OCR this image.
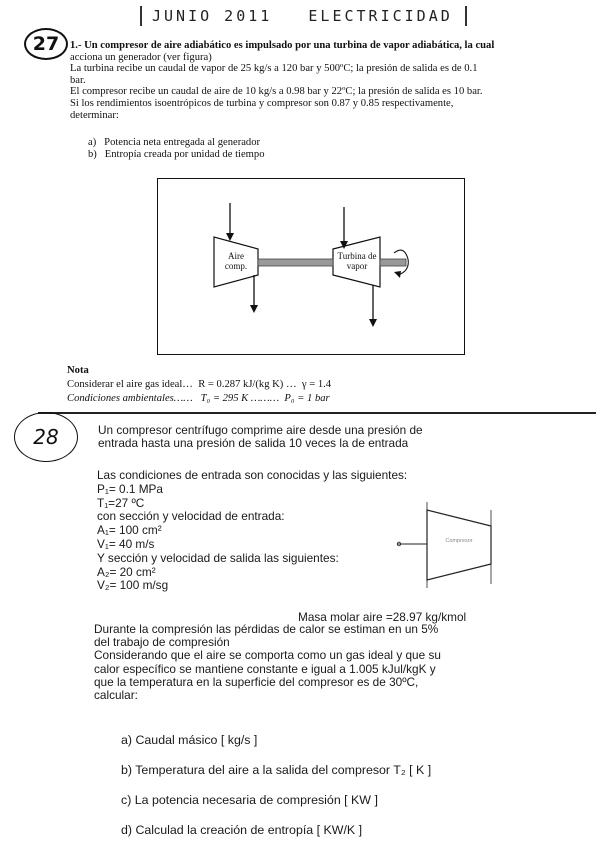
JUNIO 2011   ELECTRICIDAD
27	1.- Un compresor de aire adiabático es impulsado por una turbina de vapor adiabática, la cual
acciona un generador (ver figura)
La turbina recibe un caudal de vapor de 25 kg/s a 120 bar y 500ºC; la presión de salida es de 0.1
bar.
El compresor recibe un caudal de aire de 10 kg/s a 0.98 bar y 22ºC; la presión de salida es 10 bar.
Si los rendimientos isoentrópicos de turbina y compresor son 0.87 y 0.85 respectivamente,
determinar:
a)   Potencia neta entregada al generador
b)   Entropía creada por unidad de tiempo
Aire comp.
Turbina de vapor
Nota
Considerar el aire gas ideal…  R = 0.287 kJ/(kg K) …  γ = 1.4
Condiciones ambientales……   T₀ = 295 K ………  P₀ = 1 bar
28	Un compresor centrífugo comprime aire desde una presión de
entrada hasta una presión de salida 10 veces la de entrada
Las condiciones de entrada son conocidas y las siguientes:
P₁= 0.1 MPa
T₁=27 ºC
con sección y velocidad de entrada:
A₁= 100 cm²
V₁= 40 m/s
Y sección y velocidad de salida las siguientes:
A₂= 20 cm²
V₂= 100 m/sg
Compresor
Masa molar aire =28.97 kg/kmol
Durante la compresión las pérdidas de calor se estiman en un 5%
del trabajo de compresión
Considerando que el aire se comporta como un gas ideal y que su
calor específico se mantiene constante e igual a 1.005 kJul/kgK y
que la temperatura en la superficie del compresor es de 30ºC,
calcular:
a) Caudal másico [ kg/s ]
b) Temperatura del aire a la salida del compresor T₂ [ K ]
c) La potencia necesaria de compresión [ KW ]
d) Calculad la creación de entropía [ KW/K ]
